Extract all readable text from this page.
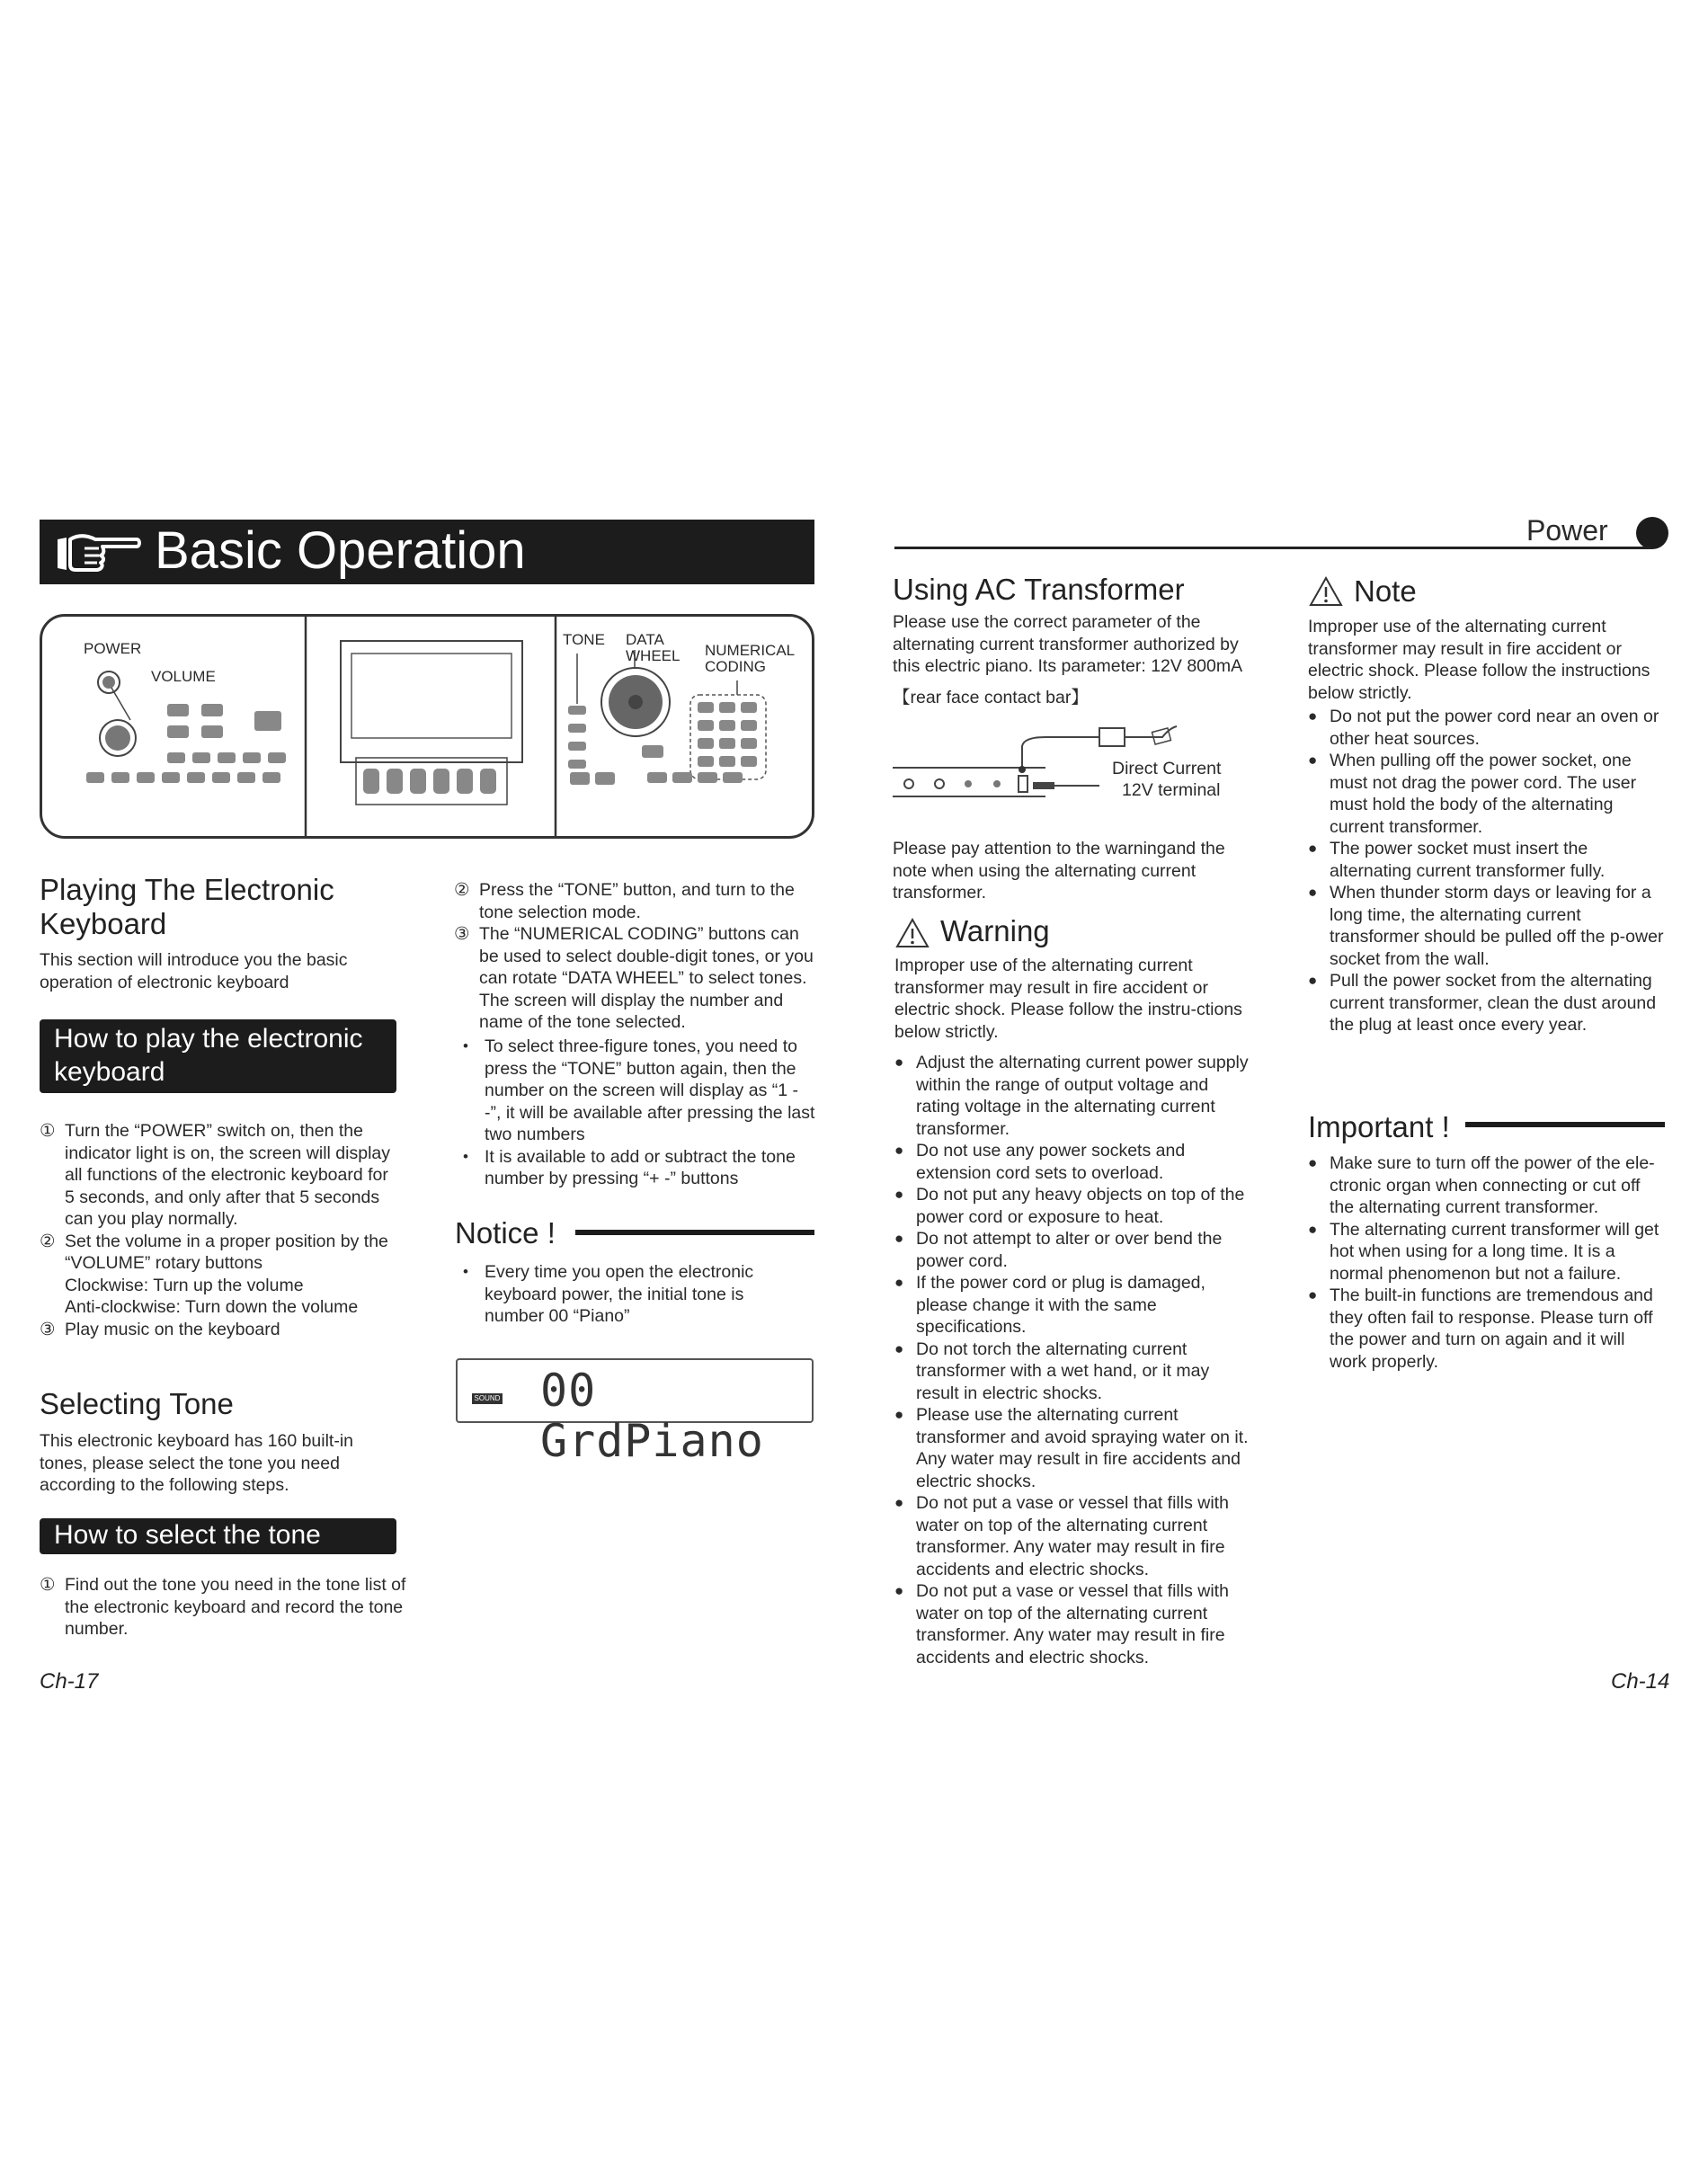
Basic Operation
POWER
VOLUME
TONE DATA
WHEEL NUMERICAL
CODING
Playing The Electronic
Keyboard
This section will introduce you the basic operation of electronic keyboard
How to play the electronic
keyboard
① Turn the “POWER” switch on, then the indicator light is on, the screen will display all functions of the electronic keyboard for 5 seconds, and only after that 5 seconds can you play normally.
② Set the volume in a proper position by the “VOLUME” rotary buttons
Clockwise: Turn up the volume
Anti-clockwise: Turn down the volume
③ Play music on the keyboard
Selecting Tone
This electronic keyboard has 160 built-in tones, please select the tone you need according to the following steps.
How to select the tone
① Find out the tone you need in the tone list of the electronic keyboard and record the tone number.
Ch-17
② Press the “TONE” button, and turn to the tone selection mode.
③ The “NUMERICAL CODING” buttons can be used to select double-digit tones, or you can rotate “DATA WHEEL” to select tones. The screen will display the number and name of the tone selected.
• To select three-figure tones, you need to press the “TONE” button again, then the number on the screen will display as “1 - -”, it will be available after pressing the last two numbers
• It is available to add or subtract the tone number by pressing “+ -” buttons
Notice !
• Every time you open the electronic keyboard power, the initial tone is number 00 “Piano”
SOUND 00 GrdPiano
Power
Using AC Transformer
Please use the correct parameter of the alternating current transformer authorized by this electric piano. Its parameter: 12V 800mA
【rear face contact bar】
Direct Current
12V terminal
Please pay attention to the warningand the note when using the alternating current transformer.
Warning
Improper use of the alternating current transformer may result in fire accident or electric shock. Please follow the instru-ctions below strictly.
● Adjust the alternating current power supply within the range of output voltage and rating voltage in the alternating current transformer.
● Do not use any power sockets and extension cord sets to overload.
● Do not put any heavy objects on top of the power cord or exposure to heat.
● Do not attempt to alter or over bend the power cord.
● If the power cord or plug is damaged, please change it with the same specifications.
● Do not torch the alternating current transformer with a wet hand, or it may result in electric shocks.
● Please use the alternating current transformer and avoid spraying water on it. Any water may result in fire accidents and electric shocks.
● Do not put a vase or vessel that fills with water on top of the alternating current transformer. Any water may result in fire accidents and electric shocks.
● Do not put a vase or vessel that fills with water on top of the alternating current transformer. Any water may result in fire accidents and electric shocks.
Ch-14
Note
Improper use of the alternating current transformer may result in fire accident or electric shock. Please follow the instructions below strictly.
● Do not put the power cord near an oven or other heat sources.
● When pulling off the power socket, one must not drag the power cord. The user must hold the body of the alternating current transformer.
● The power socket must insert the alternating current transformer fully.
● When thunder storm days or leaving for a long time, the alternating current transformer should be pulled off the p-ower socket from the wall.
● Pull the power socket from the alternating current transformer, clean the dust around the plug at least once every year.
Important !
● Make sure to turn off the power of the ele-ctronic organ when connecting or cut off the alternating current transformer.
● The alternating current transformer will get hot when using for a long time. It is a normal phenomenon but not a failure.
● The built-in functions are tremendous and they often fail to response. Please turn off the power and turn on again and it will work properly.
